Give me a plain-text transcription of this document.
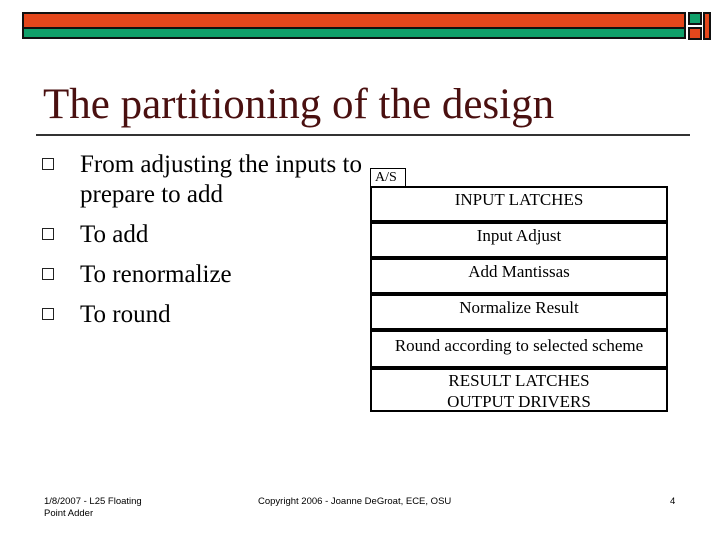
The partitioning of the design
From adjusting the inputs to prepare to add
To add
To renormalize
To round
A/S
INPUT LATCHES
Input Adjust
Add Mantissas
Normalize Result
Round according to selected scheme
RESULT LATCHES
OUTPUT DRIVERS
1/8/2007 - L25 Floating
Point Adder
Copyright 2006 - Joanne DeGroat, ECE, OSU	4
